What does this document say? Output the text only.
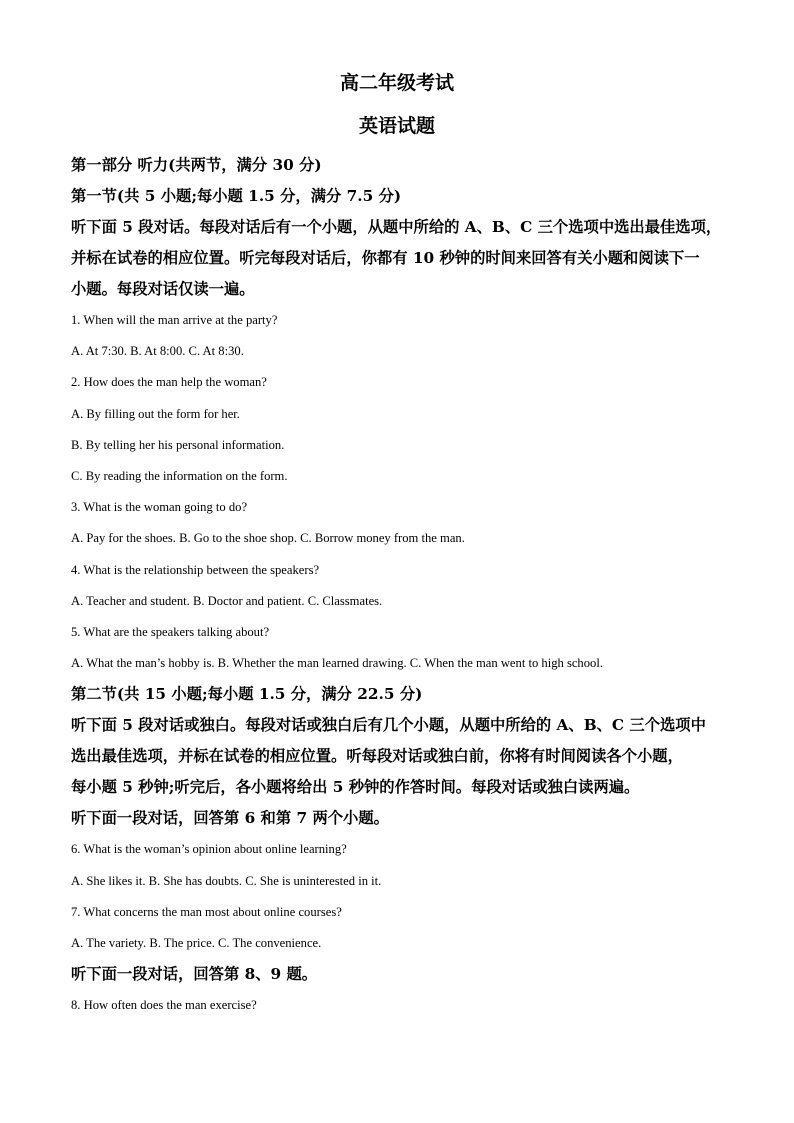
高二年级考试
英语试题

第一部分 听力(共两节，满分 30 分)

第一节(共 5 小题;每小题 1.5 分，满分 7.5 分)

听下面 5 段对话。每段对话后有一个小题，从题中所给的 A、B、C 三个选项中选出最佳选项，

并标在试卷的相应位置。听完每段对话后，你都有 10 秒钟的时间来回答有关小题和阅读下一

小题。每段对话仅读一遍。

1. When will the man arrive at the party?

A. At 7:30. B. At 8:00. C. At 8:30.

2. How does the man help the woman?

A. By filling out the form for her.

B. By telling her his personal information.

C. By reading the information on the form.

3. What is the woman going to do?

A. Pay for the shoes. B. Go to the shoe shop. C. Borrow money from the man.

4. What is the relationship between the speakers?

A. Teacher and student. B. Doctor and patient. C. Classmates.

5. What are the speakers talking about?

A. What the man’s hobby is. B. Whether the man learned drawing. C. When the man went to high school.

第二节(共 15 小题;每小题 1.5 分，满分 22.5 分)

听下面 5 段对话或独白。每段对话或独白后有几个小题，从题中所给的 A、B、C 三个选项中

选出最佳选项，并标在试卷的相应位置。听每段对话或独白前，你将有时间阅读各个小题，

每小题 5 秒钟;听完后，各小题将给出 5 秒钟的作答时间。每段对话或独白读两遍。

听下面一段对话，回答第 6 和第 7 两个小题。

6. What is the woman’s opinion about online learning?

A. She likes it. B. She has doubts. C. She is uninterested in it.

7. What concerns the man most about online courses?

A. The variety. B. The price. C. The convenience.

听下面一段对话，回答第 8、9 题。

8. How often does the man exercise?
